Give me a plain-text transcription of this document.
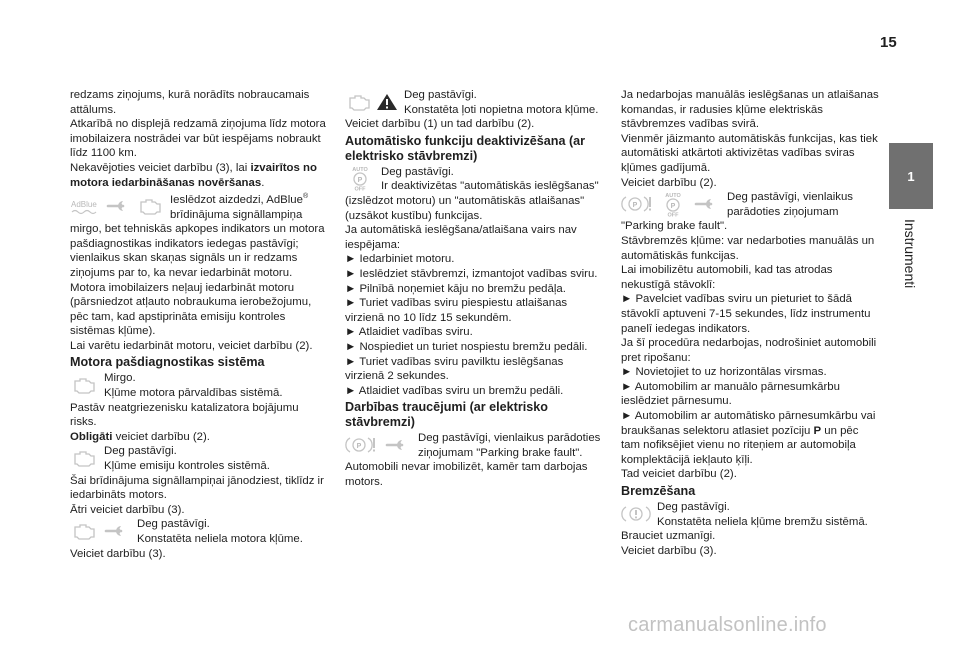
15
1
Instrumenti

redzams ziņojums, kurā norādīts nobraucamais attālums.

Atkarībā no displejā redzamā ziņojuma līdz motora imobilaizera nostrādei var būt iespējams nobraukt līdz 1100 km.

Nekavējoties veiciet darbību (3), lai izvairītos no motora iedarbināšanas novēršanas.

AdBlue	Ieslēdzot aizdedzi, AdBlue® brīdinājuma signāllampiņa mirgo, bet tehniskās apkopes indikators un motora pašdiagnostikas indikators iedegas pastāvīgi; vienlaikus skan skaņas signāls un ir redzams ziņojums par to, ka nevar iedarbināt motoru.

Motora imobilaizers neļauj iedarbināt motoru (pārsniedzot atļauto nobraukuma ierobežojumu, pēc tam, kad apstiprināta emisiju kontroles sistēmas kļūme).

Lai varētu iedarbināt motoru, veiciet darbību (2).

Motora pašdiagnostikas sistēma

Mirgo.

Kļūme motora pārvaldības sistēmā.

Pastāv neatgriezenisku katalizatora bojājumu risks.

Obligāti veiciet darbību (2).

Deg pastāvīgi.

Kļūme emisiju kontroles sistēmā.

Šai brīdinājuma signāllampiņai jānodziest, tiklīdz ir iedarbināts motors.

Ātri veiciet darbību (3).

Deg pastāvīgi.

Konstatēta neliela motora kļūme.

Veiciet darbību (3).

Deg pastāvīgi.

Konstatēta ļoti nopietna motora kļūme.

Veiciet darbību (1) un tad darbību (2).

Automātisko funkciju deaktivizēšana (ar elektrisko stāvbremzi)
AUTO
P
OFF

Deg pastāvīgi.

Ir deaktivizētas "automātiskās ieslēgšanas" (izslēdzot motoru) un "automātiskās atlaišanas" (uzsākot kustību) funkcijas.

Ja automātiskā ieslēgšana/atlaišana vairs nav iespējama:

► Iedarbiniet motoru.

► Ieslēdziet stāvbremzi, izmantojot vadības sviru.

► Pilnībā noņemiet kāju no bremžu pedāļa.

► Turiet vadības sviru piespiestu atlaišanas virzienā no 10 līdz 15 sekundēm.

► Atlaidiet vadības sviru.

► Nospiediet un turiet nospiestu bremžu pedāli.

► Turiet vadības sviru pavilktu ieslēgšanas virzienā 2 sekundes.

► Atlaidiet vadības sviru un bremžu pedāli.

Darbības traucējumi (ar elektrisko stāvbremzi)
P

Deg pastāvīgi, vienlaikus parādoties ziņojumam "Parking brake fault".

Automobili nevar imobilizēt, kamēr tam darbojas motors.

Ja nedarbojas manuālās ieslēgšanas un atlaišanas komandas, ir radusies kļūme elektriskās stāvbremzes vadības svirā.

Vienmēr jāizmanto automātiskās funkcijas, kas tiek automātiski atkārtoti aktivizētas vadības sviras kļūmes gadījumā.

Veiciet darbību (2).

P
AUTO
P
OFF

Deg pastāvīgi, vienlaikus parādoties ziņojumam "Parking brake fault".

Stāvbremzēs kļūme: var nedarboties manuālās un automātiskās funkcijas.

Lai imobilizētu automobili, kad tas atrodas nekustīgā stāvoklī:

► Pavelciet vadības sviru un pieturiet to šādā stāvoklī aptuveni 7-15 sekundes, līdz instrumentu panelī iedegas indikators.

Ja šī procedūra nedarbojas, nodrošiniet automobili pret ripošanu:

► Novietojiet to uz horizontālas virsmas.

► Automobilim ar manuālo pārnesumkārbu ieslēdziet pārnesumu.

► Automobilim ar automātisko pārnesumkārbu vai braukšanas selektoru atlasiet pozīciju P un pēc tam nofiksējiet vienu no riteņiem ar automobiļa komplektācijā iekļauto ķīļi.

Tad veiciet darbību (2).

Bremzēšana

Deg pastāvīgi.

Konstatēta neliela kļūme bremžu sistēmā.

Brauciet uzmanīgi.

Veiciet darbību (3).

carmanualsonline.info
